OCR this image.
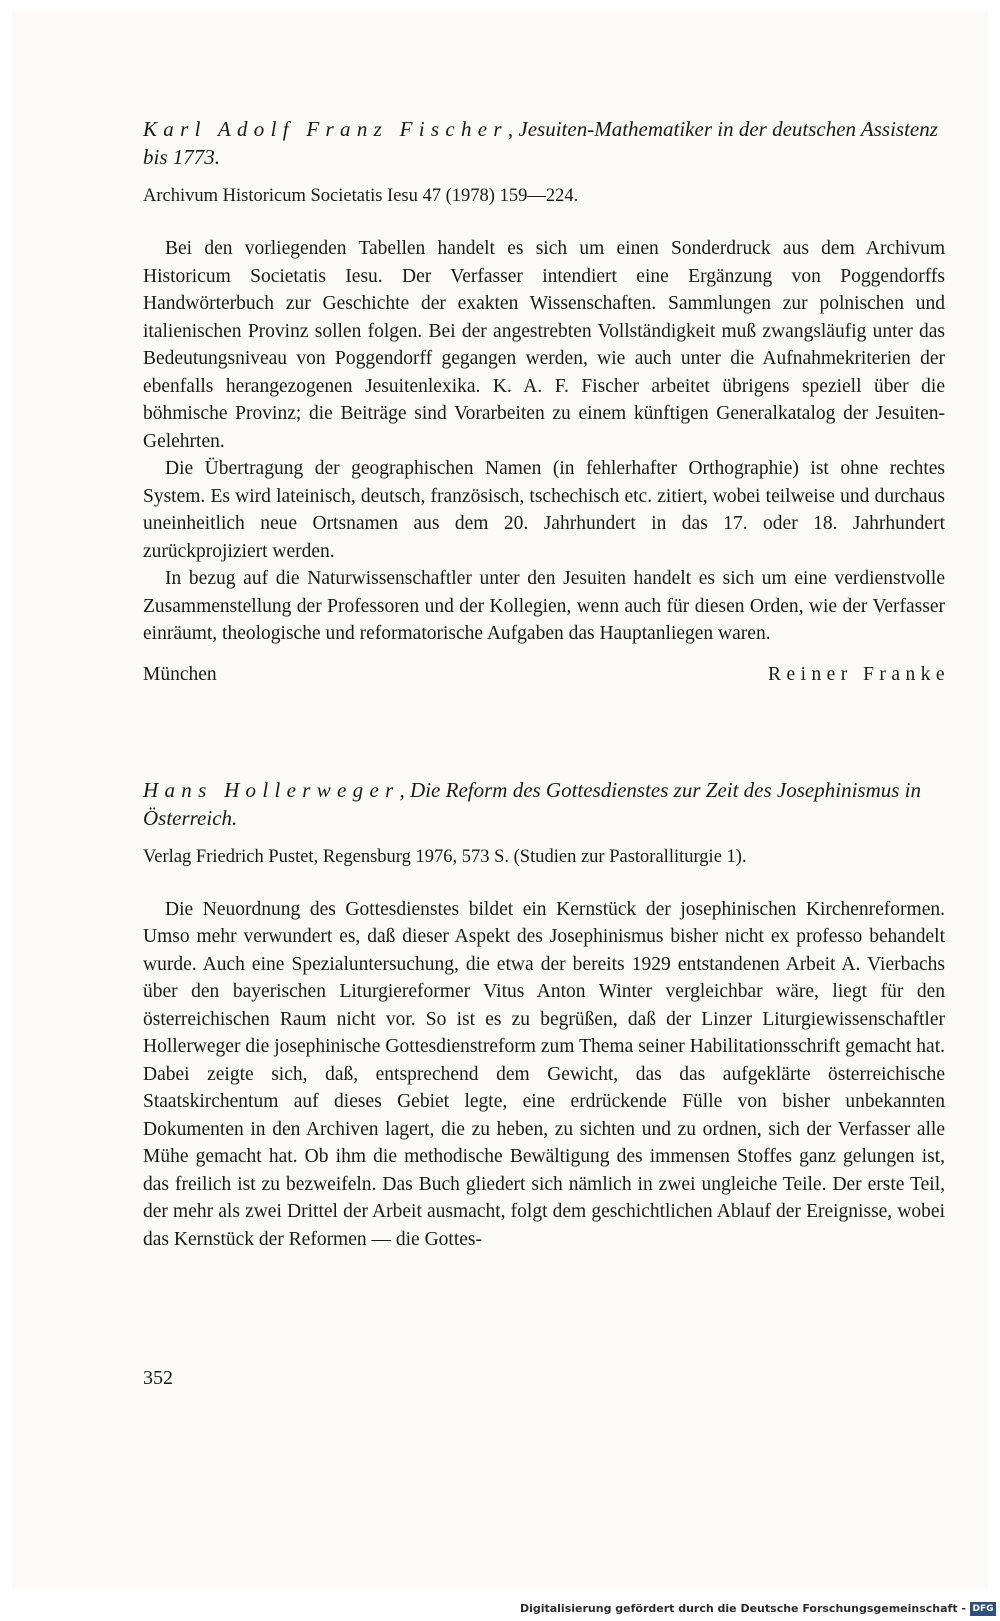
Karl Adolf Franz Fischer, Jesuiten-Mathematiker in der deutschen Assistenz bis 1773.
Archivum Historicum Societatis Iesu 47 (1978) 159—224.

Bei den vorliegenden Tabellen handelt es sich um einen Sonderdruck aus dem Archivum Historicum Societatis Iesu. Der Verfasser intendiert eine Ergänzung von Poggendorffs Handwörterbuch zur Geschichte der exakten Wissenschaften. Sammlungen zur polnischen und italienischen Provinz sollen folgen. Bei der angestrebten Vollständigkeit muß zwangsläufig unter das Bedeutungsniveau von Poggendorff gegangen werden, wie auch unter die Aufnahmekriterien der ebenfalls herangezogenen Jesuitenlexika. K. A. F. Fischer arbeitet übrigens speziell über die böhmische Provinz; die Beiträge sind Vorarbeiten zu einem künftigen Generalkatalog der Jesuiten-Gelehrten.

Die Übertragung der geographischen Namen (in fehlerhafter Orthographie) ist ohne rechtes System. Es wird lateinisch, deutsch, französisch, tschechisch etc. zitiert, wobei teilweise und durchaus uneinheitlich neue Ortsnamen aus dem 20. Jahrhundert in das 17. oder 18. Jahrhundert zurückprojiziert werden.

In bezug auf die Naturwissenschaftler unter den Jesuiten handelt es sich um eine verdienstvolle Zusammenstellung der Professoren und der Kollegien, wenn auch für diesen Orden, wie der Verfasser einräumt, theologische und reformatorische Aufgaben das Hauptanliegen waren.

München	Reiner Franke
Hans Hollerweger, Die Reform des Gottesdienstes zur Zeit des Josephinismus in Österreich.
Verlag Friedrich Pustet, Regensburg 1976, 573 S. (Studien zur Pastoralliturgie 1).

Die Neuordnung des Gottesdienstes bildet ein Kernstück der josephinischen Kirchenreformen. Umso mehr verwundert es, daß dieser Aspekt des Josephinismus bisher nicht ex professo behandelt wurde. Auch eine Spezialuntersuchung, die etwa der bereits 1929 entstandenen Arbeit A. Vierbachs über den bayerischen Liturgiereformer Vitus Anton Winter vergleichbar wäre, liegt für den österreichischen Raum nicht vor. So ist es zu begrüßen, daß der Linzer Liturgiewissenschaftler Hollerweger die josephinische Gottesdienstreform zum Thema seiner Habilitationsschrift gemacht hat. Dabei zeigte sich, daß, entsprechend dem Gewicht, das das aufgeklärte österreichische Staatskirchentum auf dieses Gebiet legte, eine erdrückende Fülle von bisher unbekannten Dokumenten in den Archiven lagert, die zu heben, zu sichten und zu ordnen, sich der Verfasser alle Mühe gemacht hat. Ob ihm die methodische Bewältigung des immensen Stoffes ganz gelungen ist, das freilich ist zu bezweifeln. Das Buch gliedert sich nämlich in zwei ungleiche Teile. Der erste Teil, der mehr als zwei Drittel der Arbeit ausmacht, folgt dem geschichtlichen Ablauf der Ereignisse, wobei das Kernstück der Reformen — die Gottes-

352
Digitalisierung gefördert durch die Deutsche Forschungsgemeinschaft - DFG
